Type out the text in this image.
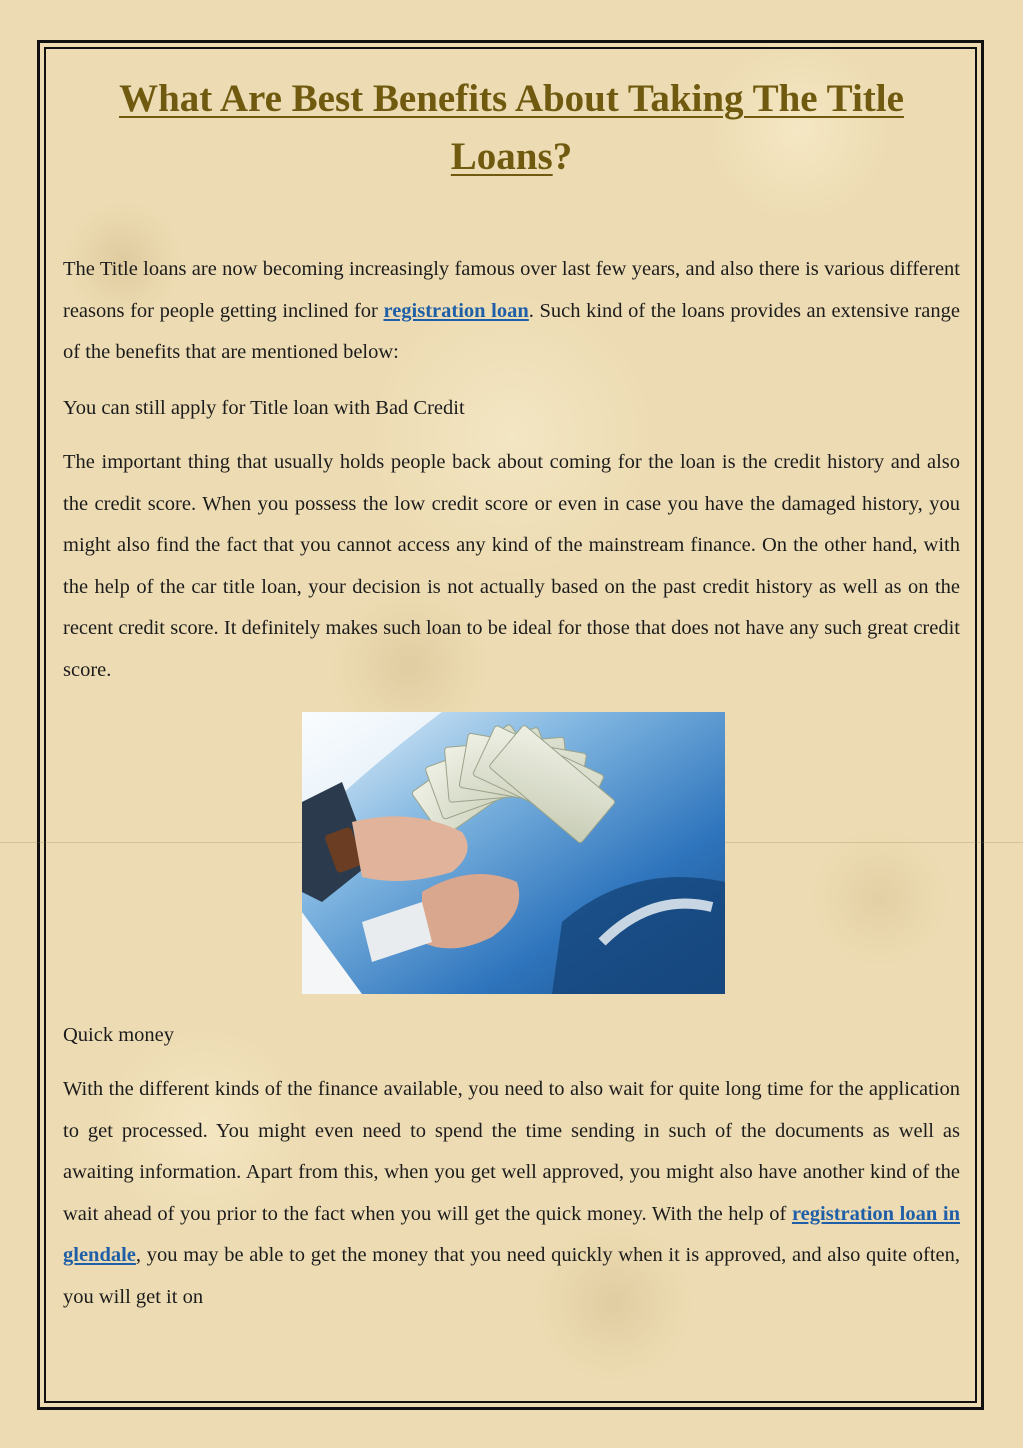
What Are Best Benefits About Taking The Title Loans?

The Title loans are now becoming increasingly famous over last few years, and also there is various different reasons for people getting inclined for registration loan. Such kind of the loans provides an extensive range of the benefits that are mentioned below:

You can still apply for Title loan with Bad Credit

The important thing that usually holds people back about coming for the loan is the credit history and also the credit score. When you possess the low credit score or even in case you have the damaged history, you might also find the fact that you cannot access any kind of the mainstream finance. On the other hand, with the help of the car title loan, your decision is not actually based on the past credit history as well as on the recent credit score. It definitely makes such loan to be ideal for those that does not have any such great credit score.

Quick money

With the different kinds of the finance available, you need to also wait for quite long time for the application to get processed. You might even need to spend the time sending in such of the documents as well as awaiting information. Apart from this, when you get well approved, you might also have another kind of the wait ahead of you prior to the fact when you will get the quick money. With the help of registration loan in glendale, you may be able to get the money that you need quickly when it is approved, and also quite often, you will get it on
